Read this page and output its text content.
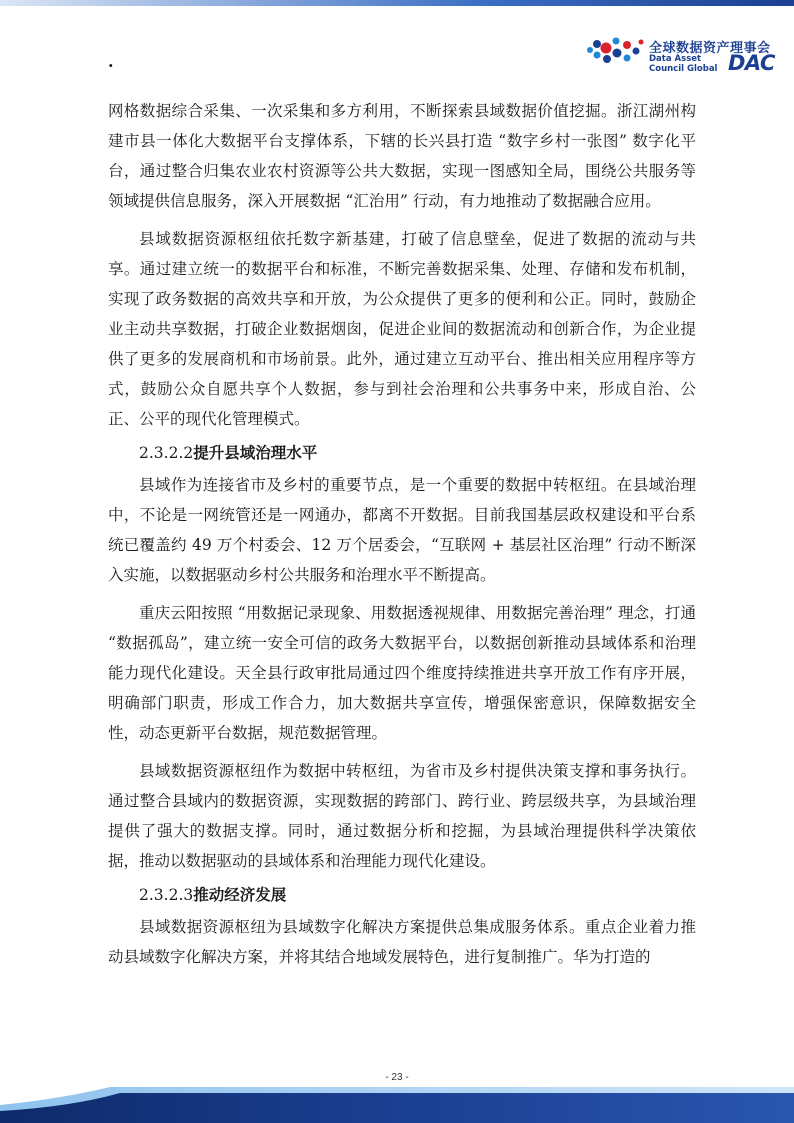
·
全球数据资产理事会
Data Asset
Council Global DAC

网格数据综合采集、一次采集和多方利用，不断探索县域数据价值挖掘。浙江湖州构建市县一体化大数据平台支撑体系，下辖的长兴县打造 “数字乡村一张图” 数字化平台，通过整合归集农业农村资源等公共大数据，实现一图感知全局，围绕公共服务等领域提供信息服务，深入开展数据 “汇治用” 行动，有力地推动了数据融合应用。

县域数据资源枢纽依托数字新基建，打破了信息壁垒，促进了数据的流动与共享。通过建立统一的数据平台和标准，不断完善数据采集、处理、存储和发布机制，实现了政务数据的高效共享和开放，为公众提供了更多的便利和公正。同时，鼓励企业主动共享数据，打破企业数据烟囱，促进企业间的数据流动和创新合作，为企业提供了更多的发展商机和市场前景。此外，通过建立互动平台、推出相关应用程序等方式，鼓励公众自愿共享个人数据，参与到社会治理和公共事务中来，形成自治、公正、公平的现代化管理模式。

2.3.2.2提升县域治理水平

县域作为连接省市及乡村的重要节点，是一个重要的数据中转枢纽。在县域治理中，不论是一网统管还是一网通办，都离不开数据。目前我国基层政权建设和平台系统已覆盖约 49 万个村委会、12 万个居委会，“互联网 + 基层社区治理” 行动不断深入实施，以数据驱动乡村公共服务和治理水平不断提高。

重庆云阳按照 “用数据记录现象、用数据透视规律、用数据完善治理” 理念，打通 “数据孤岛”，建立统一安全可信的政务大数据平台，以数据创新推动县域体系和治理能力现代化建设。天全县行政审批局通过四个维度持续推进共享开放工作有序开展，明确部门职责，形成工作合力，加大数据共享宣传，增强保密意识，保障数据安全性，动态更新平台数据，规范数据管理。

县域数据资源枢纽作为数据中转枢纽，为省市及乡村提供决策支撑和事务执行。通过整合县域内的数据资源，实现数据的跨部门、跨行业、跨层级共享，为县域治理提供了强大的数据支撑。同时，通过数据分析和挖掘，为县域治理提供科学决策依据，推动以数据驱动的县域体系和治理能力现代化建设。

2.3.2.3推动经济发展

县域数据资源枢纽为县域数字化解决方案提供总集成服务体系。重点企业着力推动县域数字化解决方案，并将其结合地域发展特色，进行复制推广。华为打造的

- 23 -
